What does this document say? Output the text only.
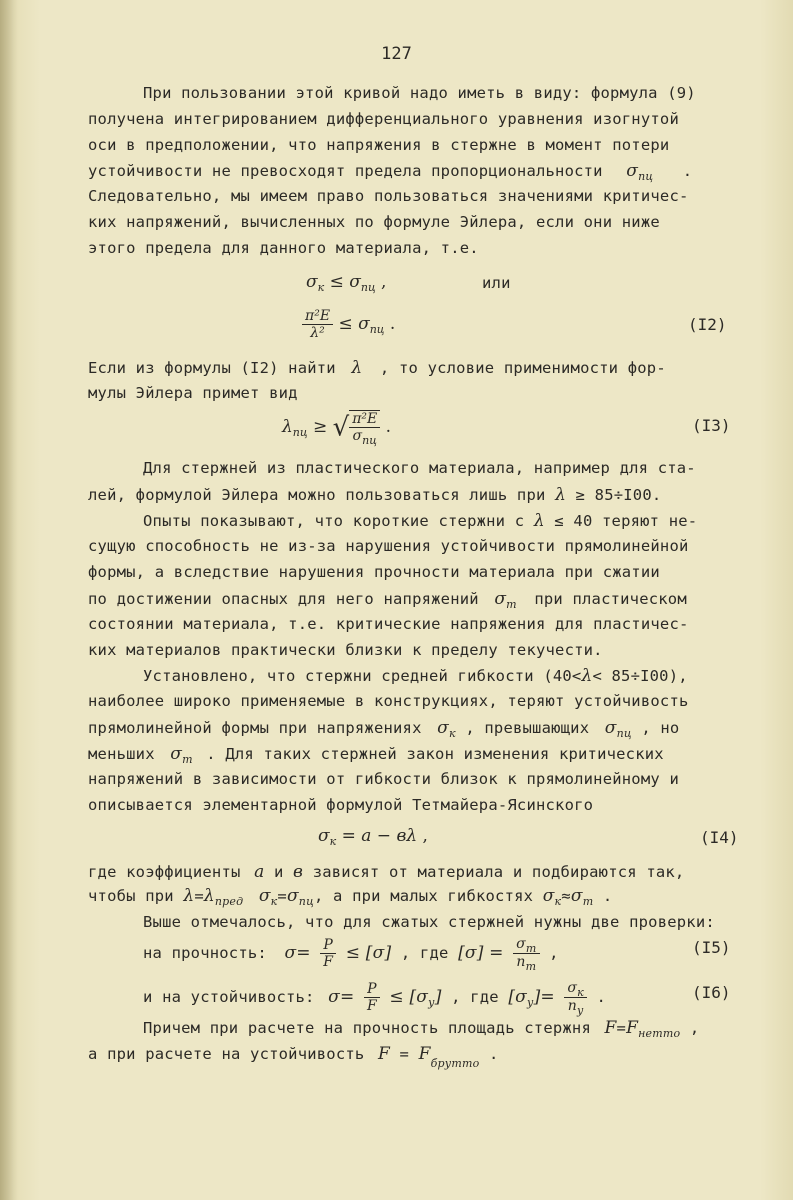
127
При пользовании этой кривой надо иметь в виду: формула (9)
получена интегрированием дифференциального уравнения изогнутой
оси в предположении, что напряжения в стержне в момент потери
устойчивости не превосходят предела пропорциональности $\sigma_{пц}$ .
Следовательно, мы имеем право пользоваться значениями критичес-
ких напряжений, вычисленных по формуле Эйлера, если они ниже
этого предела для данного материала, т.е.
$\sigma_к \le \sigma_{пц}$ ,	или
$\frac{\text{π²E}}{\text{λ²}} \le \sigma_{пц}$ .	(I2)
Если из формулы (I2) найти λ , то условие применимости фор-
мулы Эйлера примет вид
$\lambda_{пц}$ ≥ √ $\frac{\text{π²E}}{\sigma_{пц}}$ .	(I3)
Для стержней из пластического материала, например для ста-
лей, формулой Эйлера можно пользоваться лишь при λ ≥ 85÷I00.
Опыты показывают, что короткие стержни с λ ≤ 40 теряют не-
сущую способность не из-за нарушения устойчивости прямолинейной
формы, а вследствие нарушения прочности материала при сжатии
по достижении опасных для него напряжений $\sigma_т$ при пластическом
состоянии материала, т.е. критические напряжения для пластичес-
ких материалов практически близки к пределу текучести.
Установлено, что стержни средней гибкости (40<λ< 85÷I00),
наиболее широко применяемые в конструкциях, теряют устойчивость
прямолинейной формы при напряжениях $\sigma_к$ , превышающих $\sigma_{пц}$ , но
меньших $\sigma_т$ . Для таких стержней закон изменения критических
напряжений в зависимости от гибкости близок к прямолинейному и
описывается элементарной формулой Тетмайера-Ясинского
$\sigma_к = a - в\lambda$ ,	(I4)
где коэффициенты a и в зависят от материала и подбираются так,
чтобы при $\lambda=\lambda_{пред}$ $\sigma_к=\sigma_{пц}$, а при малых гибкостях $\sigma_к\approx\sigma_т$ .
Выше отмечалось, что для сжатых стержней нужны две проверки:
на прочность: $\sigma= \frac{P}{F} \le [\sigma]$ , где $[\sigma] = \frac{\sigma_т}{n_т}$ ,	(I5)
и на устойчивость: $\sigma= \frac{P}{F} \le [\sigma_у]$ , где $[\sigma_у]= \frac{\sigma_к}{n_у}$ .	(I6)
Причем при расчете на прочность площадь стержня $F=F_{нетто}$ ,
а при расчете на устойчивость $F = F_{брутто}$ .
